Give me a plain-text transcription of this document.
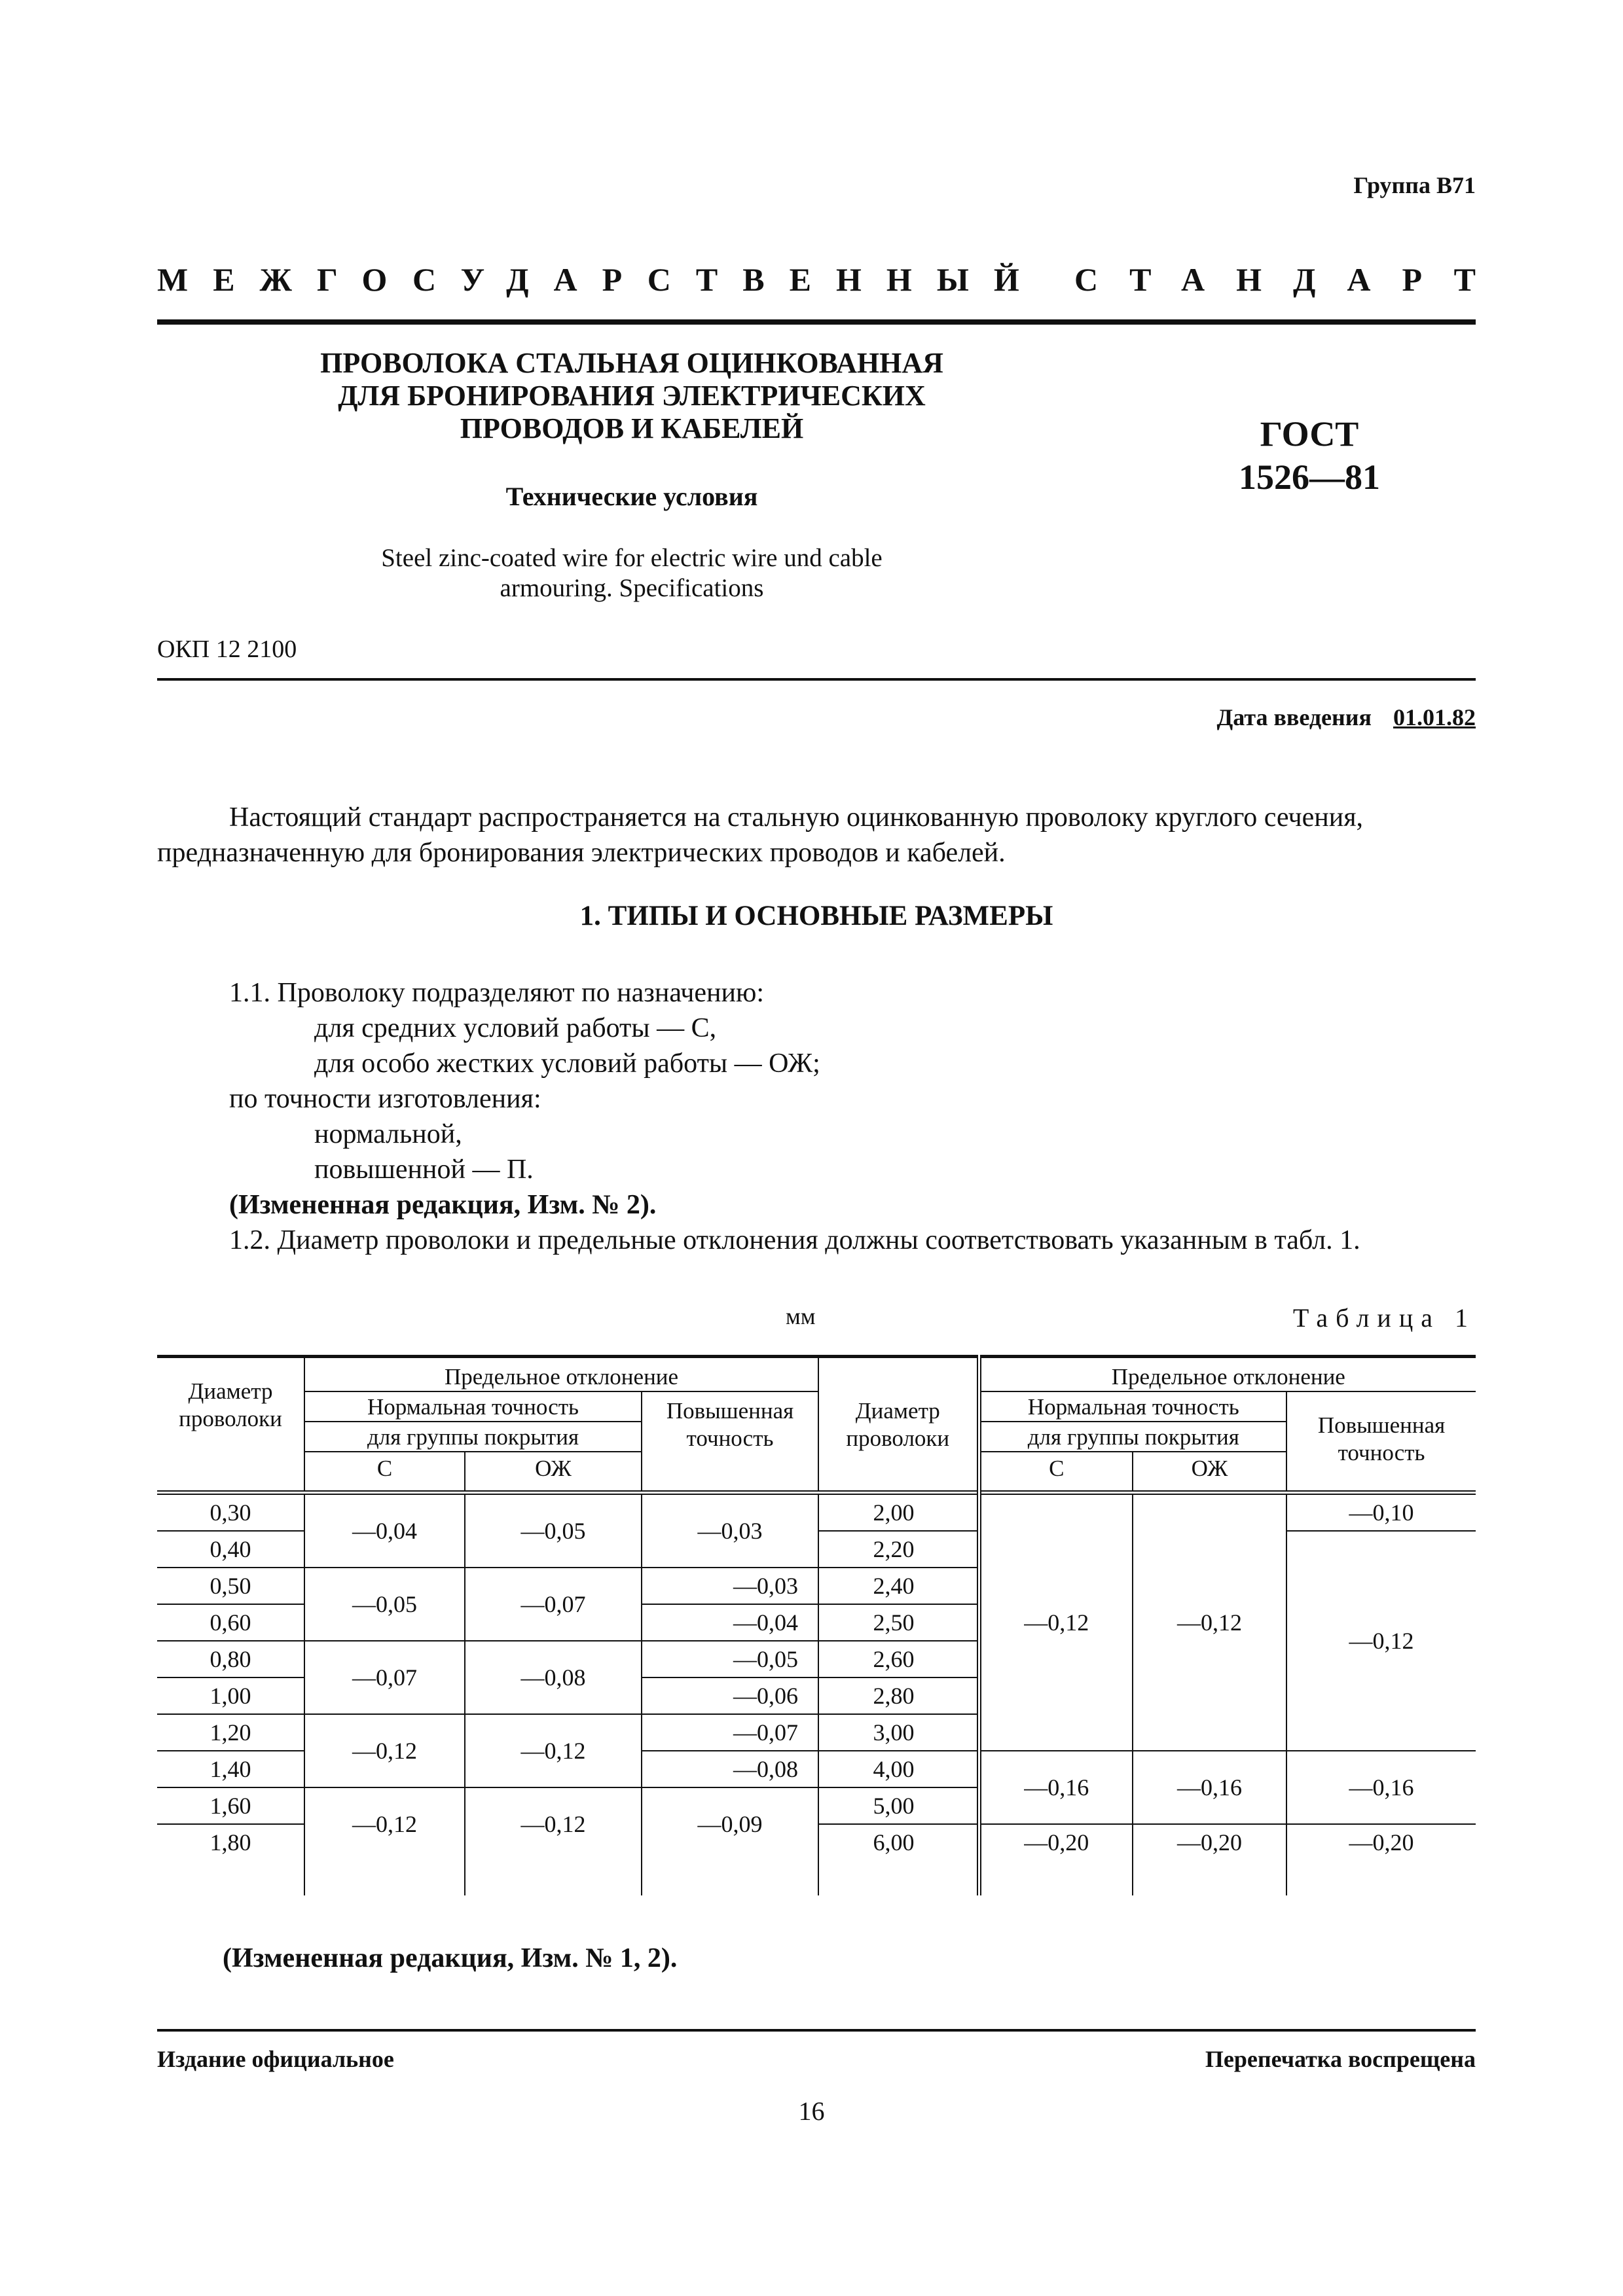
Группа В71
МЕЖГОСУДАРСТВЕННЫЙ СТАНДАРТ
ПРОВОЛОКА СТАЛЬНАЯ ОЦИНКОВАННАЯ
ДЛЯ БРОНИРОВАНИЯ ЭЛЕКТРИЧЕСКИХ
ПРОВОДОВ И КАБЕЛЕЙ
Технические условия
Steel zinc-coated wire for electric wire und cable
armouring. Specifications
ГОСТ
1526—81
ОКП 12 2100
Дата введения 01.01.82
Настоящий стандарт распространяется на стальную оцинкованную проволоку круглого сечения,
предназначенную для бронирования электрических проводов и кабелей.
1. ТИПЫ И ОСНОВНЫЕ РАЗМЕРЫ
1.1. Проволоку подразделяют по назначению:
для средних условий работы — С,
для особо жестких условий работы — ОЖ;
по точности изготовления:
нормальной,
повышенной — П.
(Измененная редакция, Изм. № 2).
1.2. Диаметр проволоки и предельные отклонения должны соответствовать указанным в табл. 1.
мм	Таблица 1
Диаметр проволоки	Предельное отклонение			Диаметр проволоки	Предельное отклонение		
	Нормальная точность		Повышенная точность		Нормальная точность		Повышенная точность
	для группы покрытия				для группы покрытия		
	С	ОЖ			С	ОЖ	
0,30	—0,04	—0,05	—0,03	2,00	—0,12	—0,12	—0,10
0,40				2,20			—0,12
0,50	—0,05	—0,07	—0,03	2,40			
0,60			—0,04	2,50			
0,80	—0,07	—0,08	—0,05	2,60			
1,00			—0,06	2,80			
1,20	—0,12	—0,12	—0,07	3,00			
1,40			—0,08	4,00	—0,16	—0,16	—0,16
1,60	—0,12	—0,12	—0,09	5,00			
1,80				6,00	—0,20	—0,20	—0,20

(Измененная редакция, Изм. № 1, 2).
Издание официальное	Перепечатка воспрещена
16
